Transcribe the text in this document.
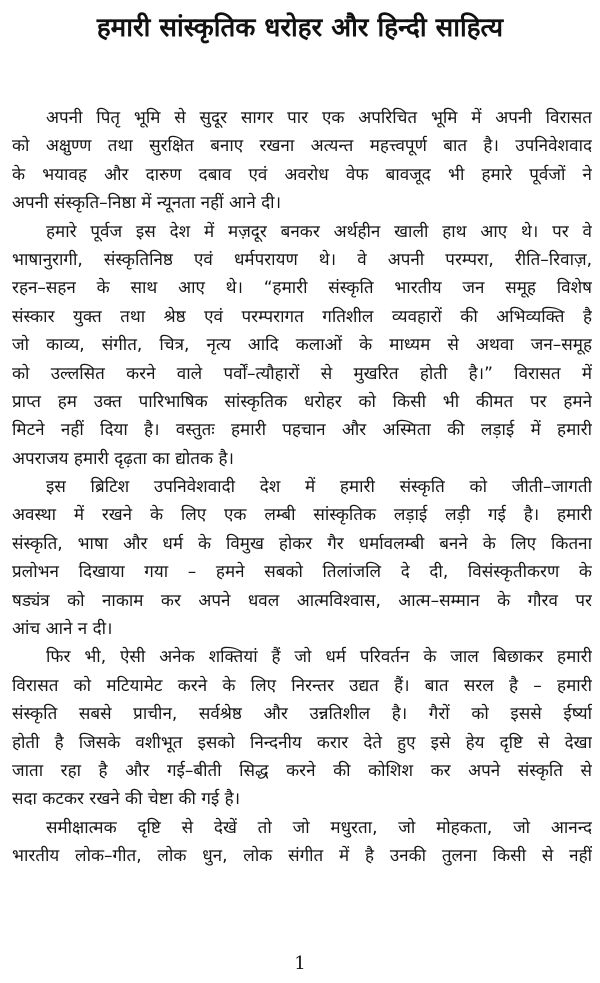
हमारी सांस्कृतिक धरोहर और हिन्दी साहित्य
अपनी पितृ भूमि से सुदूर सागर पार एक अपरिचित भूमि में अपनी विरासत
को अक्षुण्ण तथा सुरक्षित बनाए रखना अत्यन्त महत्त्वपूर्ण बात है। उपनिवेशवाद
के भयावह और दारुण दबाव एवं अवरोध वेफ बावजूद भी हमारे पूर्वजों ने
अपनी संस्कृति–निष्ठा में न्यूनता नहीं आने दी।
हमारे पूर्वज इस देश में मज़दूर बनकर अर्थहीन खाली हाथ आए थे। पर वे
भाषानुरागी, संस्कृतिनिष्ठ एवं धर्मपरायण थे। वे अपनी परम्परा, रीति–रिवाज़,
रहन–सहन के साथ आए थे। “हमारी संस्कृति भारतीय जन समूह विशेष
संस्कार युक्त तथा श्रेष्ठ एवं परम्परागत गतिशील व्यवहारों की अभिव्यक्ति है
जो काव्य, संगीत, चित्र, नृत्य आदि कलाओं के माध्यम से अथवा जन–समूह
को उल्लसित करने वाले पर्वों–त्यौहारों से मुखरित होती है।” विरासत में
प्राप्त हम उक्त पारिभाषिक सांस्कृतिक धरोहर को किसी भी कीमत पर हमने
मिटने नहीं दिया है। वस्तुतः हमारी पहचान और अस्मिता की लड़ाई में हमारी
अपराजय हमारी दृढ़ता का द्योतक है।
इस ब्रिटिश उपनिवेशवादी देश में हमारी संस्कृति को जीती–जागती
अवस्था में रखने के लिए एक लम्बी सांस्कृतिक लड़ाई लड़ी गई है। हमारी
संस्कृति, भाषा और धर्म के विमुख होकर गैर धर्मावलम्बी बनने के लिए कितना
प्रलोभन दिखाया गया – हमने सबको तिलांजलि दे दी, विसंस्कृतीकरण के
षड्यंत्र को नाकाम कर अपने धवल आत्मविश्वास, आत्म–सम्मान के गौरव पर
आंच आने न दी।
फिर भी, ऐसी अनेक शक्तियां हैं जो धर्म परिवर्तन के जाल बिछाकर हमारी
विरासत को मटियामेट करने के लिए निरन्तर उद्यत हैं। बात सरल है – हमारी
संस्कृति सबसे प्राचीन, सर्वश्रेष्ठ और उन्नतिशील है। गैरों को इससे ईर्ष्या
होती है जिसके वशीभूत इसको निन्दनीय करार देते हुए इसे हेय दृष्टि से देखा
जाता रहा है और गई–बीती सिद्ध करने की कोशिश कर अपने संस्कृति से
सदा कटकर रखने की चेष्टा की गई है।
समीक्षात्मक दृष्टि से देखें तो जो मधुरता, जो मोहकता, जो आनन्द
भारतीय लोक–गीत, लोक धुन, लोक संगीत में है उनकी तुलना किसी से नहीं
1
